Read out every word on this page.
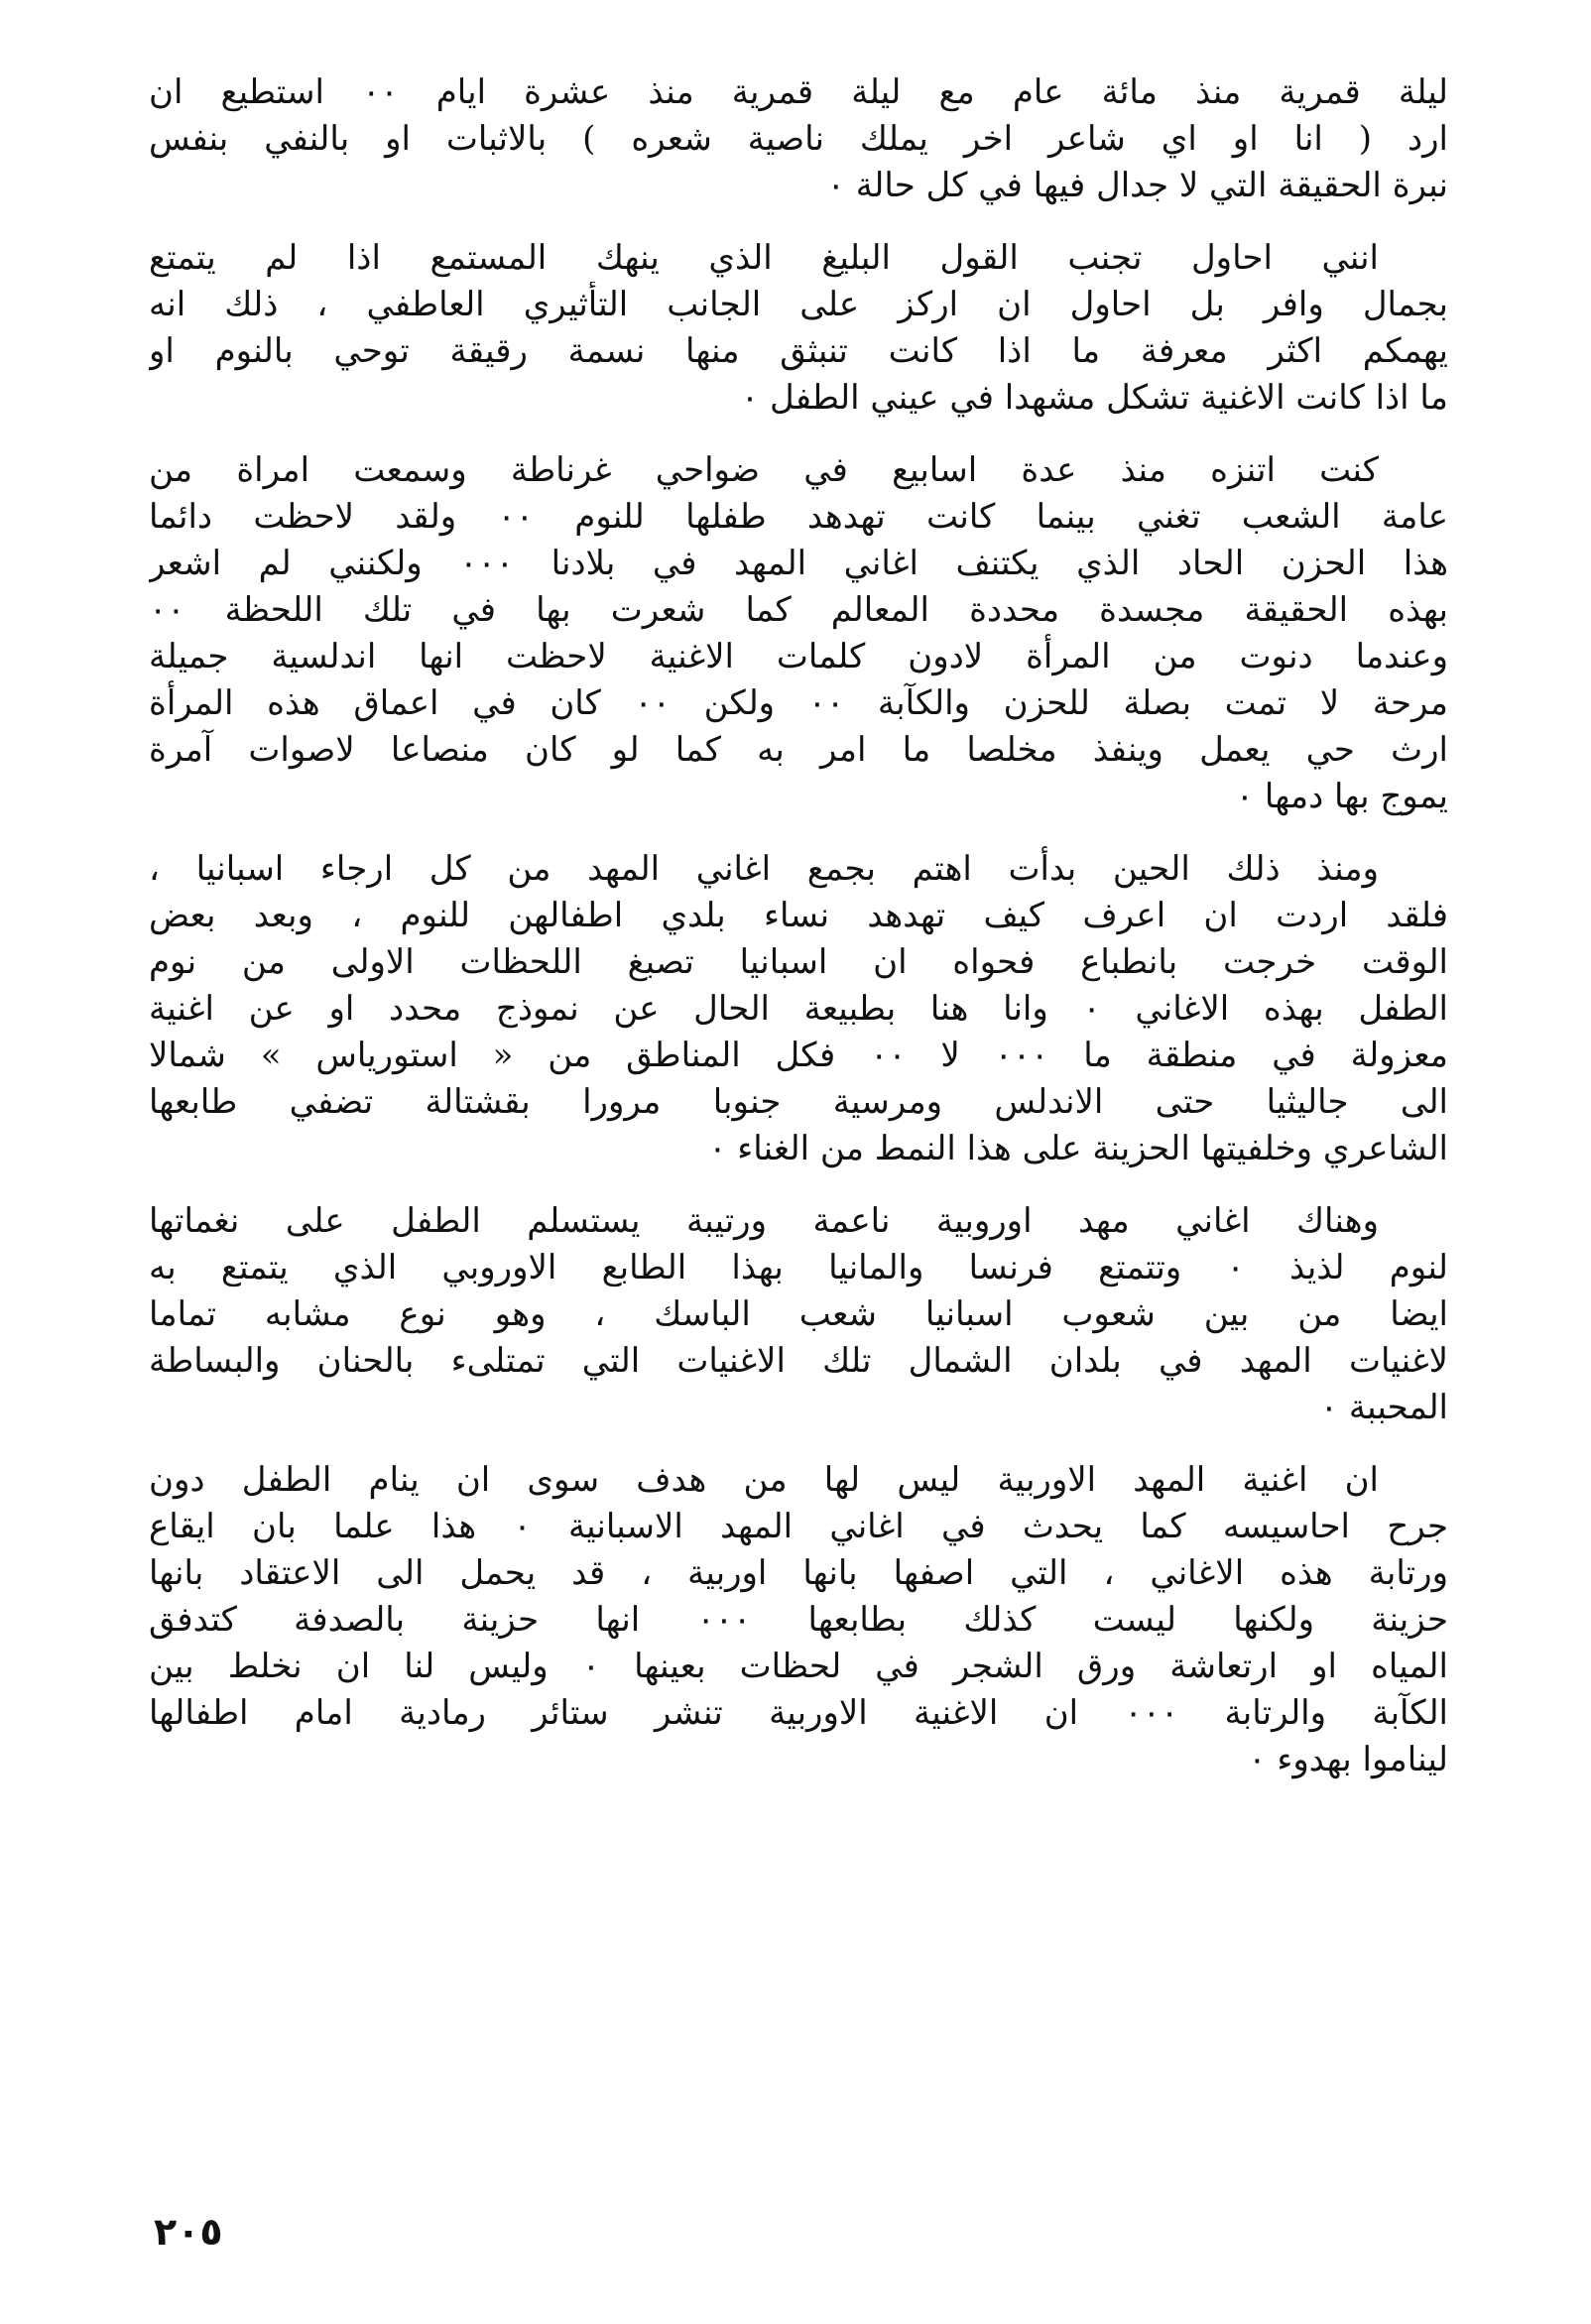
ليلة قمرية منذ مائة عام مع ليلة قمرية منذ عشرة ايام ٠٠ استطيع ان
ارد ( انا او اي شاعر اخر يملك ناصية شعره ) بالاثبات او بالنفي بنفس
نبرة الحقيقة التي لا جدال فيها في كل حالة ٠
انني احاول تجنب القول البليغ الذي ينهك المستمع اذا لم يتمتع
بجمال وافر بل احاول ان اركز على الجانب التأثيري العاطفي ، ذلك انه
يهمكم اكثر معرفة ما اذا كانت تنبثق منها نسمة رقيقة توحي بالنوم او
ما اذا كانت الاغنية تشكل مشهدا في عيني الطفل ٠
كنت اتنزه منذ عدة اسابيع في ضواحي غرناطة وسمعت امراة من
عامة الشعب تغني بينما كانت تهدهد طفلها للنوم ٠٠ ولقد لاحظت دائما
هذا الحزن الحاد الذي يكتنف اغاني المهد في بلادنا ٠٠٠ ولكنني لم اشعر
بهذه الحقيقة مجسدة محددة المعالم كما شعرت بها في تلك اللحظة ٠٠
وعندما دنوت من المرأة لادون كلمات الاغنية لاحظت انها اندلسية جميلة
مرحة لا تمت بصلة للحزن والكآبة ٠٠ ولكن ٠٠ كان في اعماق هذه المرأة
ارث حي يعمل وينفذ مخلصا ما امر به كما لو كان منصاعا لاصوات آمرة
يموج بها دمها ٠
ومنذ ذلك الحين بدأت اهتم بجمع اغاني المهد من كل ارجاء اسبانيا ،
فلقد اردت ان اعرف كيف تهدهد نساء بلدي اطفالهن للنوم ، وبعد بعض
الوقت خرجت بانطباع فحواه ان اسبانيا تصبغ اللحظات الاولى من نوم
الطفل بهذه الاغاني ٠ وانا هنا بطبيعة الحال عن نموذج محدد او عن اغنية
معزولة في منطقة ما ٠٠٠ لا ٠٠ فكل المناطق من « استورياس » شمالا
الى جاليثيا حتى الاندلس ومرسية جنوبا مرورا بقشتالة تضفي طابعها
الشاعري وخلفيتها الحزينة على هذا النمط من الغناء ٠
وهناك اغاني مهد اوروبية ناعمة ورتيبة يستسلم الطفل على نغماتها
لنوم لذيذ ٠ وتتمتع فرنسا والمانيا بهذا الطابع الاوروبي الذي يتمتع به
ايضا من بين شعوب اسبانيا شعب الباسك ، وهو نوع مشابه تماما
لاغنيات المهد في بلدان الشمال تلك الاغنيات التي تمتلىء بالحنان والبساطة
المحببة ٠
ان اغنية المهد الاوربية ليس لها من هدف سوى ان ينام الطفل دون
جرح احاسيسه كما يحدث في اغاني المهد الاسبانية ٠ هذا علما بان ايقاع
ورتابة هذه الاغاني ، التي اصفها بانها اوربية ، قد يحمل الى الاعتقاد بانها
حزينة ولكنها ليست كذلك بطابعها ٠٠٠ انها حزينة بالصدفة كتدفق
المياه او ارتعاشة ورق الشجر في لحظات بعينها ٠ وليس لنا ان نخلط بين
الكآبة والرتابة ٠٠٠ ان الاغنية الاوربية تنشر ستائر رمادية امام اطفالها
ليناموا بهدوء ٠
٢٠٥
